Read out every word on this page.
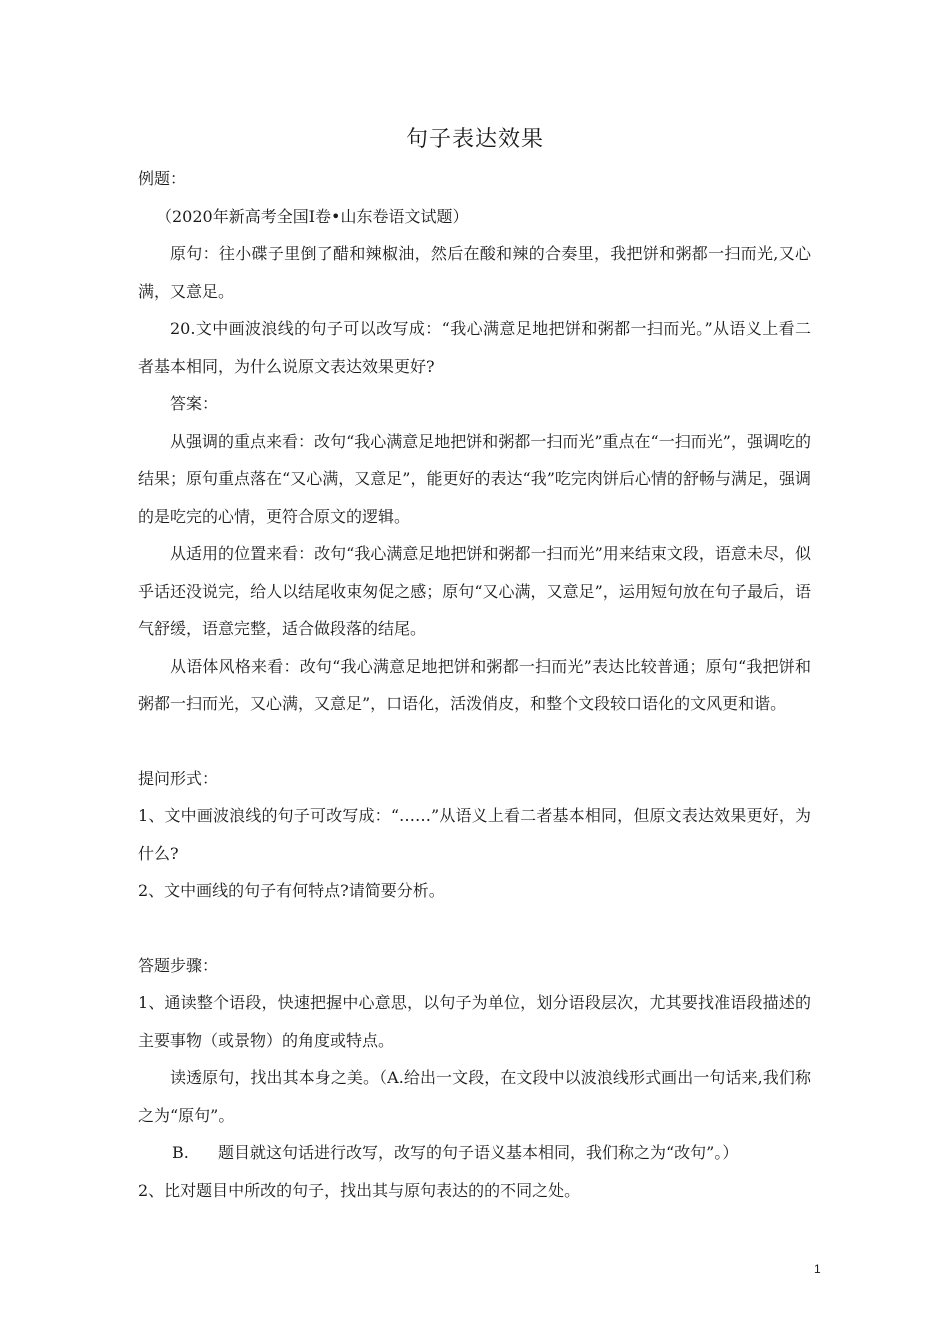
句子表达效果

例题：

（2020年新高考全国Ⅰ卷•山东卷语文试题）

原句：往小碟子里倒了醋和辣椒油，然后在酸和辣的合奏里，我把饼和粥都一扫而光,又心满，又意足。

20.文中画波浪线的句子可以改写成：“我心满意足地把饼和粥都一扫而光。”从语义上看二者基本相同，为什么说原文表达效果更好?

答案：

从强调的重点来看：改句“我心满意足地把饼和粥都一扫而光”重点在“一扫而光”，强调吃的结果；原句重点落在“又心满，又意足”，能更好的表达“我”吃完肉饼后心情的舒畅与满足，强调的是吃完的心情，更符合原文的逻辑。

从适用的位置来看：改句“我心满意足地把饼和粥都一扫而光”用来结束文段，语意未尽，似乎话还没说完，给人以结尾收束匆促之感；原句“又心满，又意足”，运用短句放在句子最后，语气舒缓，语意完整，适合做段落的结尾。

从语体风格来看：改句“我心满意足地把饼和粥都一扫而光”表达比较普通；原句“我把饼和粥都一扫而光，又心满，又意足”，口语化，活泼俏皮，和整个文段较口语化的文风更和谐。

提问形式：

1、文中画波浪线的句子可改写成：“……”从语义上看二者基本相同，但原文表达效果更好，为什么?

2、文中画线的句子有何特点?请简要分析。

答题步骤：

1、通读整个语段，快速把握中心意思，以句子为单位，划分语段层次，尤其要找准语段描述的主要事物（或景物）的角度或特点。

读透原句，找出其本身之美。（A.给出一文段，在文段中以波浪线形式画出一句话来,我们称之为“原句”。

B. 题目就这句话进行改写，改写的句子语义基本相同，我们称之为“改句”。）

2、比对题目中所改的句子，找出其与原句表达的的不同之处。

1
